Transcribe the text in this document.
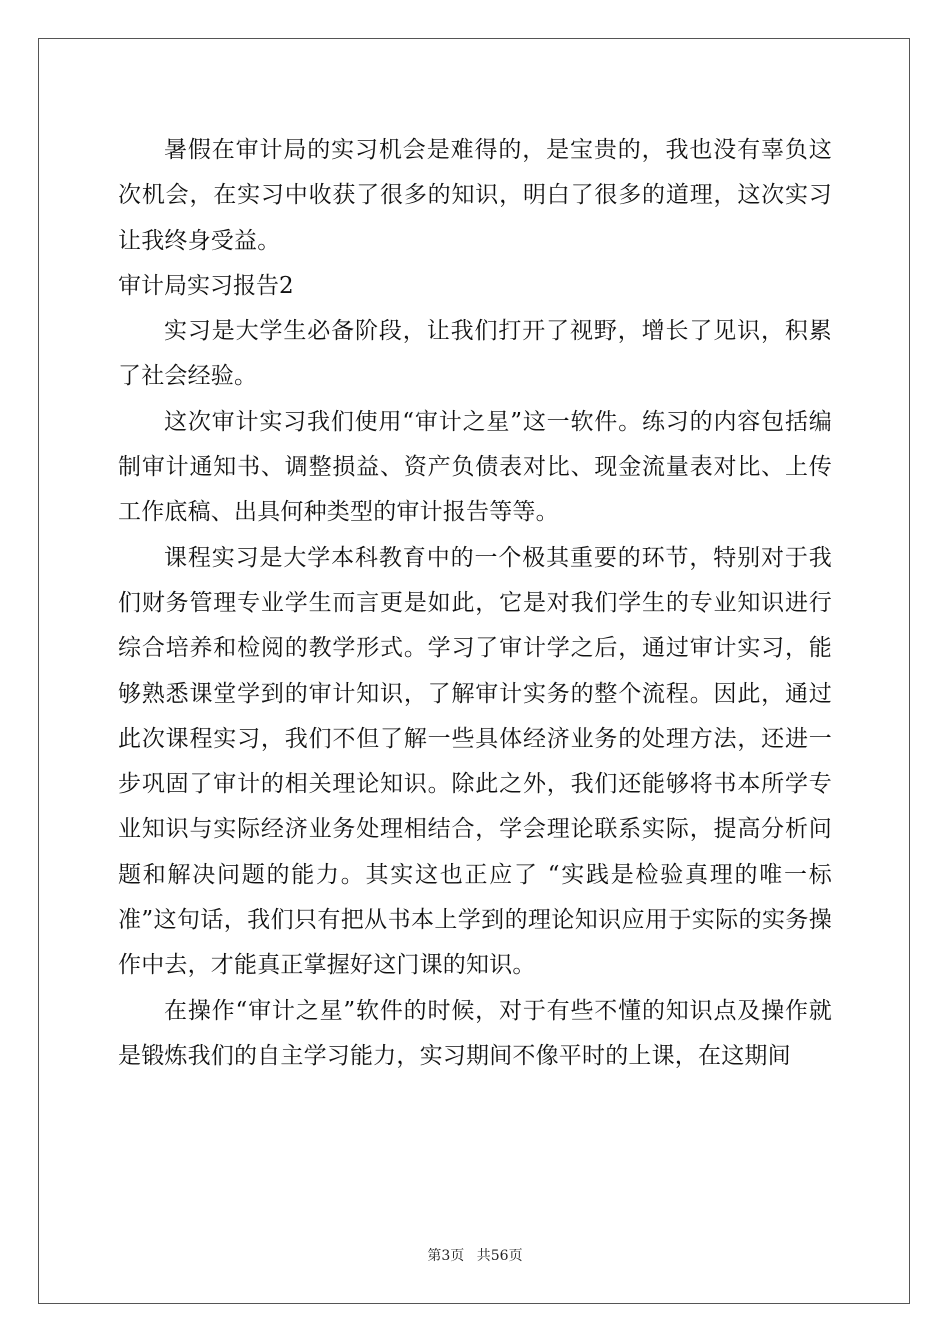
暑假在审计局的实习机会是难得的，是宝贵的，我也没有辜负这次机会，在实习中收获了很多的知识，明白了很多的道理，这次实习让我终身受益。

审计局实习报告2

实习是大学生必备阶段，让我们打开了视野，增长了见识，积累了社会经验。

这次审计实习我们使用“审计之星”这一软件。练习的内容包括编制审计通知书、调整损益、资产负债表对比、现金流量表对比、上传工作底稿、出具何种类型的审计报告等等。

课程实习是大学本科教育中的一个极其重要的环节，特别对于我们财务管理专业学生而言更是如此，它是对我们学生的专业知识进行综合培养和检阅的教学形式。学习了审计学之后，通过审计实习，能够熟悉课堂学到的审计知识，了解审计实务的整个流程。因此，通过此次课程实习，我们不但了解一些具体经济业务的处理方法，还进一步巩固了审计的相关理论知识。除此之外，我们还能够将书本所学专业知识与实际经济业务处理相结合，学会理论联系实际，提高分析问题和解决问题的能力。其实这也正应了 “实践是检验真理的唯一标准”这句话，我们只有把从书本上学到的理论知识应用于实际的实务操作中去，才能真正掌握好这门课的知识。

在操作“审计之星”软件的时候，对于有些不懂的知识点及操作就是锻炼我们的自主学习能力，实习期间不像平时的上课，在这期间

第3页 共56页
